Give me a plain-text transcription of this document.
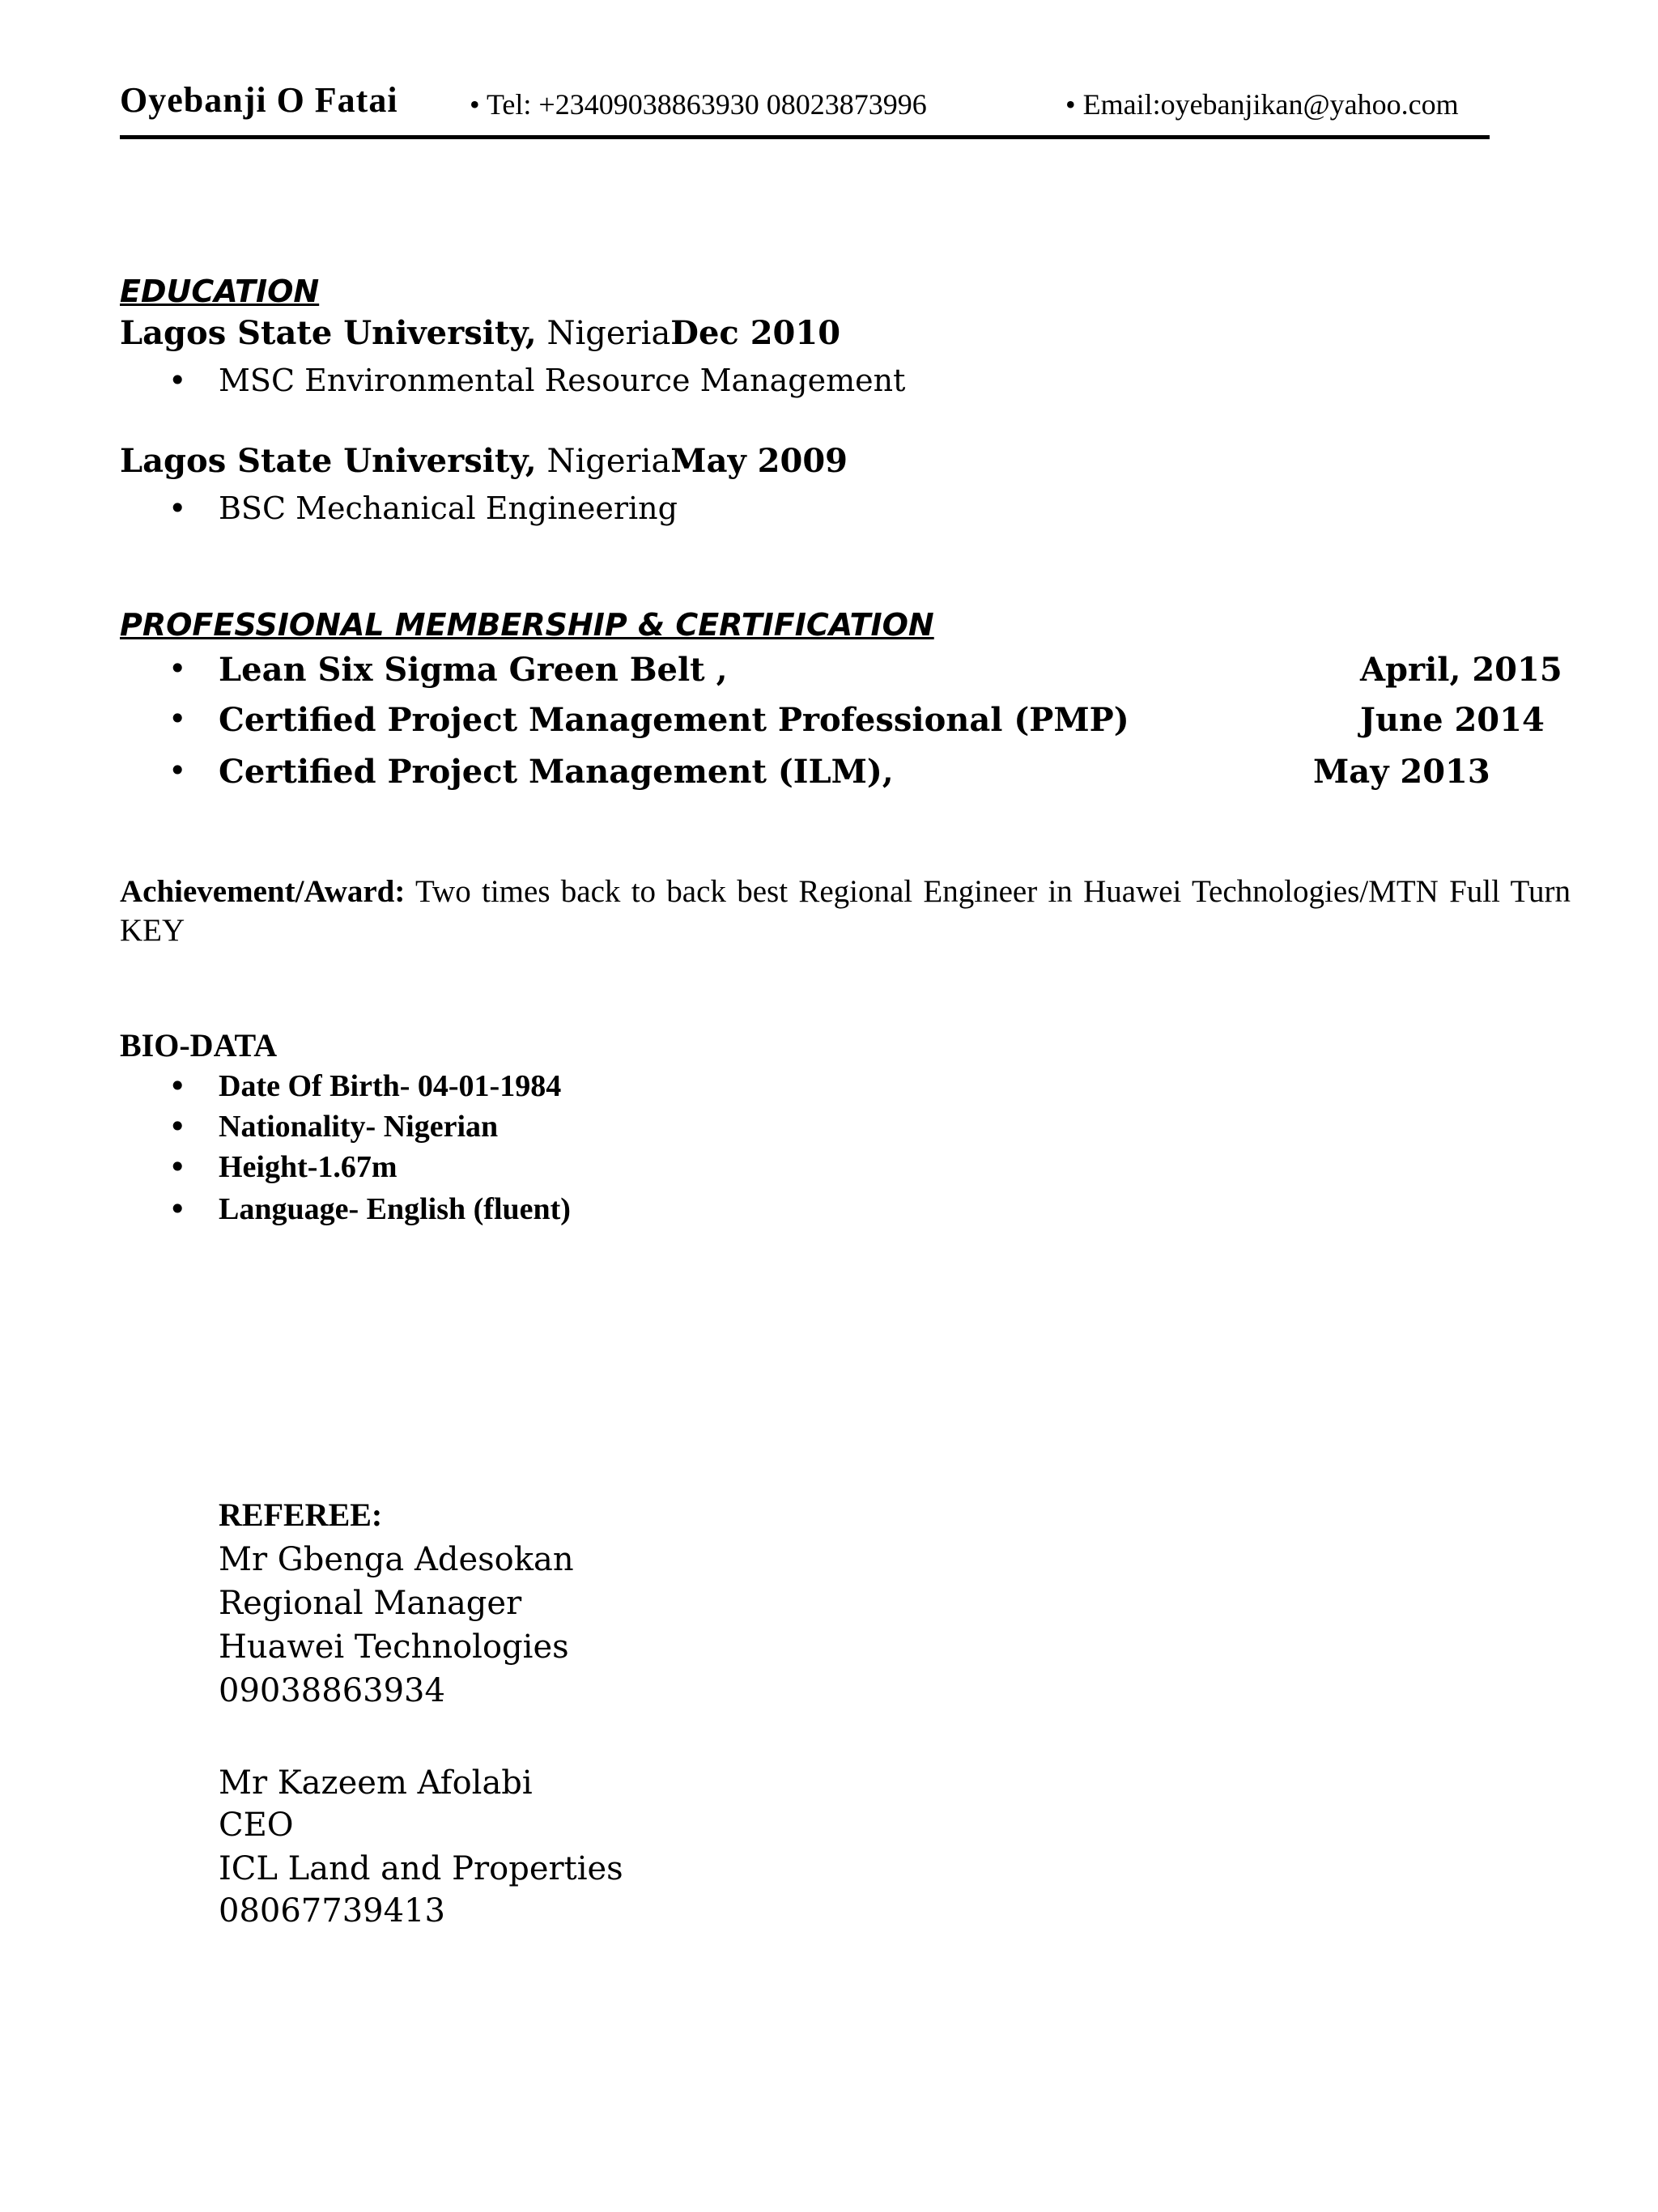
Oyebanji O Fatai • Tel: +23409038863930 08023873996	• Email:oyebanjikan@yahoo.com
EDUCATION
Lagos State University, NigeriaDec 2010
• MSC Environmental Resource Management
Lagos State University, NigeriaMay 2009
• BSC Mechanical Engineering
PROFESSIONAL MEMBERSHIP & CERTIFICATION
• Lean Six Sigma Green Belt ,	April, 2015
• Certified Project Management Professional (PMP)	June 2014
• Certified Project Management (ILM),	May 2013
Achievement/Award: Two times back to back best Regional Engineer in Huawei Technologies/MTN Full Turn KEY
BIO-DATA
• Date Of Birth- 04-01-1984
• Nationality- Nigerian
• Height-1.67m
• Language- English (fluent)
REFEREE:
Mr Gbenga Adesokan
Regional Manager
Huawei Technologies
09038863934
Mr Kazeem Afolabi
CEO
ICL Land and Properties
08067739413
